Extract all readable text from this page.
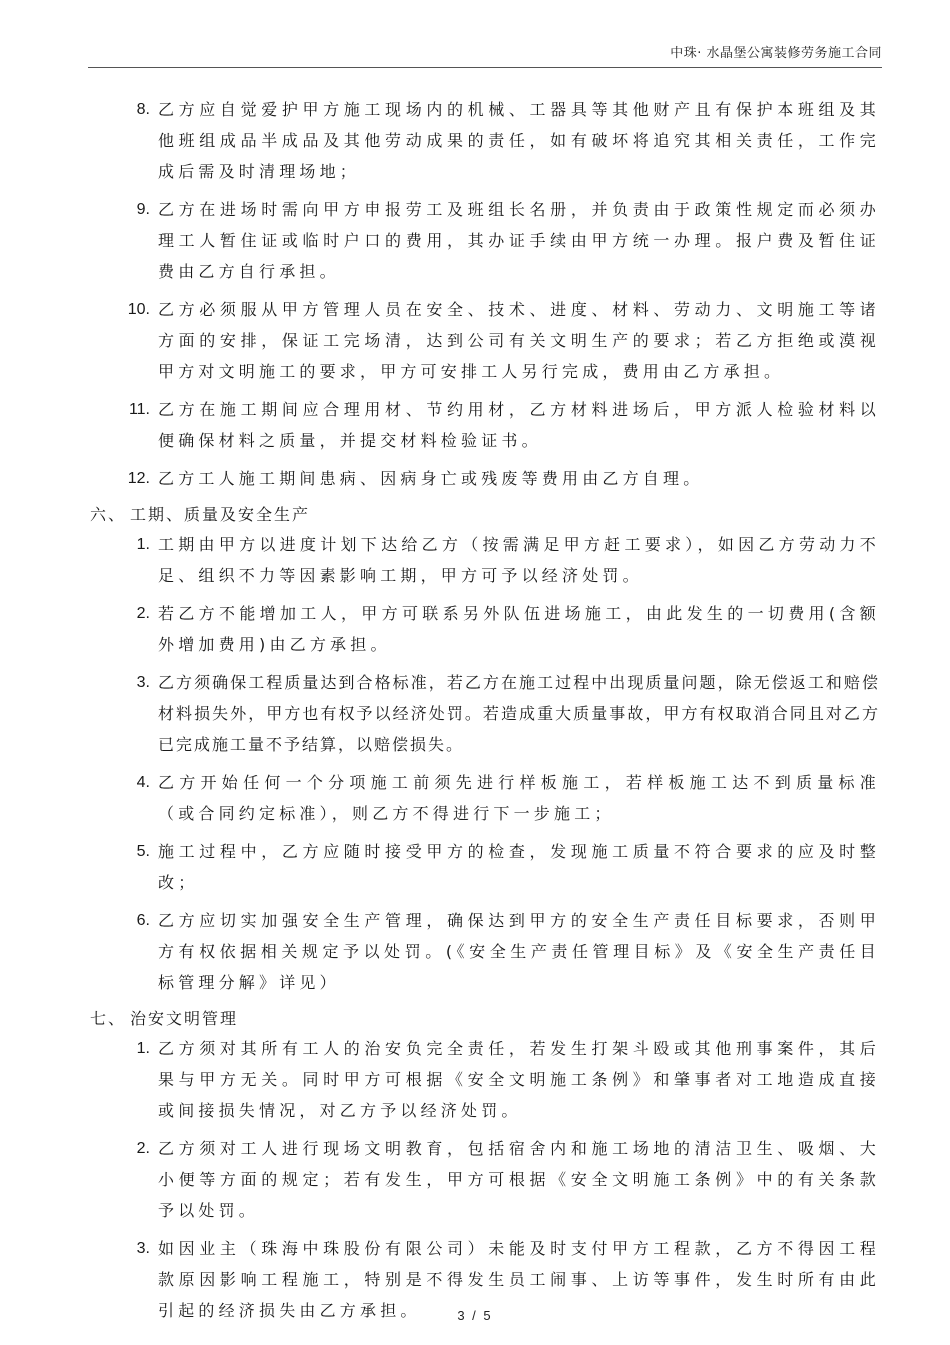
中珠· 水晶堡公寓装修劳务施工合同
8. 乙方应自觉爱护甲方施工现场内的机械、工器具等其他财产且有保护本班组及其他班组成品半成品及其他劳动成果的责任，如有破坏将追究其相关责任，工作完成后需及时清理场地；
9. 乙方在进场时需向甲方申报劳工及班组长名册，并负责由于政策性规定而必须办理工人暂住证或临时户口的费用，其办证手续由甲方统一办理。报户费及暂住证费由乙方自行承担。
10. 乙方必须服从甲方管理人员在安全、技术、进度、材料、劳动力、文明施工等诸方面的安排，保证工完场清，达到公司有关文明生产的要求；若乙方拒绝或漠视甲方对文明施工的要求，甲方可安排工人另行完成，费用由乙方承担。
11. 乙方在施工期间应合理用材、节约用材，乙方材料进场后，甲方派人检验材料以便确保材料之质量，并提交材料检验证书。
12. 乙方工人施工期间患病、因病身亡或残废等费用由乙方自理。
六、 工期、质量及安全生产
1. 工期由甲方以进度计划下达给乙方（按需满足甲方赶工要求），如因乙方劳动力不足、组织不力等因素影响工期，甲方可予以经济处罚。
2. 若乙方不能增加工人，甲方可联系另外队伍进场施工，由此发生的一切费用(含额外增加费用)由乙方承担。
3. 乙方须确保工程质量达到合格标准，若乙方在施工过程中出现质量问题，除无偿返工和赔偿材料损失外，甲方也有权予以经济处罚。若造成重大质量事故，甲方有权取消合同且对乙方已完成施工量不予结算，以赔偿损失。
4. 乙方开始任何一个分项施工前须先进行样板施工，若样板施工达不到质量标准（或合同约定标准），则乙方不得进行下一步施工；
5. 施工过程中，乙方应随时接受甲方的检查，发现施工质量不符合要求的应及时整改；
6. 乙方应切实加强安全生产管理，确保达到甲方的安全生产责任目标要求，否则甲方有权依据相关规定予以处罚。(《安全生产责任管理目标》及《安全生产责任目标管理分解》详见）
七、 治安文明管理
1. 乙方须对其所有工人的治安负完全责任，若发生打架斗殴或其他刑事案件，其后果与甲方无关。同时甲方可根据《安全文明施工条例》和肇事者对工地造成直接或间接损失情况，对乙方予以经济处罚。
2. 乙方须对工人进行现场文明教育，包括宿舍内和施工场地的清洁卫生、吸烟、大小便等方面的规定；若有发生，甲方可根据《安全文明施工条例》中的有关条款予以处罚。
3. 如因业主（珠海中珠股份有限公司）未能及时支付甲方工程款，乙方不得因工程款原因影响工程施工，特别是不得发生员工闹事、上访等事件，发生时所有由此引起的经济损失由乙方承担。	3 / 5
